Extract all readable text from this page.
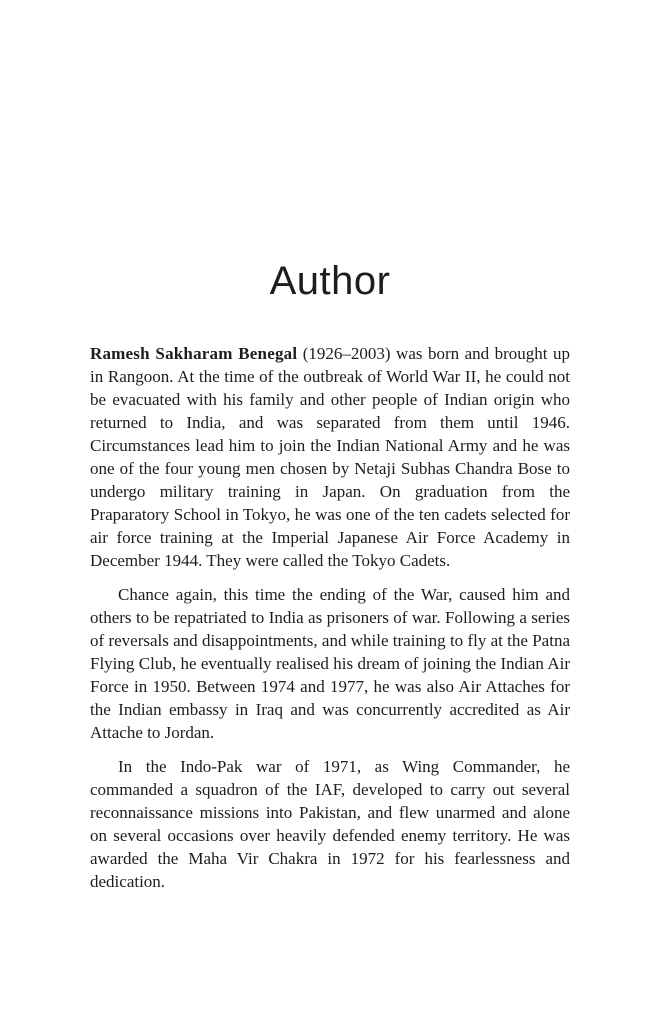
Author

Ramesh Sakharam Benegal (1926–2003) was born and brought up in Rangoon. At the time of the outbreak of World War II, he could not be evacuated with his family and other people of Indian origin who returned to India, and was separated from them until 1946. Circumstances lead him to join the Indian National Army and he was one of the four young men chosen by Netaji Subhas Chandra Bose to undergo military training in Japan. On graduation from the Praparatory School in Tokyo, he was one of the ten cadets selected for air force training at the Imperial Japanese Air Force Academy in December 1944. They were called the Tokyo Cadets.

Chance again, this time the ending of the War, caused him and others to be repatriated to India as prisoners of war. Following a series of reversals and disappointments, and while training to fly at the Patna Flying Club, he eventually realised his dream of joining the Indian Air Force in 1950. Between 1974 and 1977, he was also Air Attaches for the Indian embassy in Iraq and was concurrently accredited as Air Attache to Jordan.

In the Indo-Pak war of 1971, as Wing Commander, he commanded a squadron of the IAF, developed to carry out several reconnaissance missions into Pakistan, and flew unarmed and alone on several occasions over heavily defended enemy territory. He was awarded the Maha Vir Chakra in 1972 for his fearlessness and dedication.
